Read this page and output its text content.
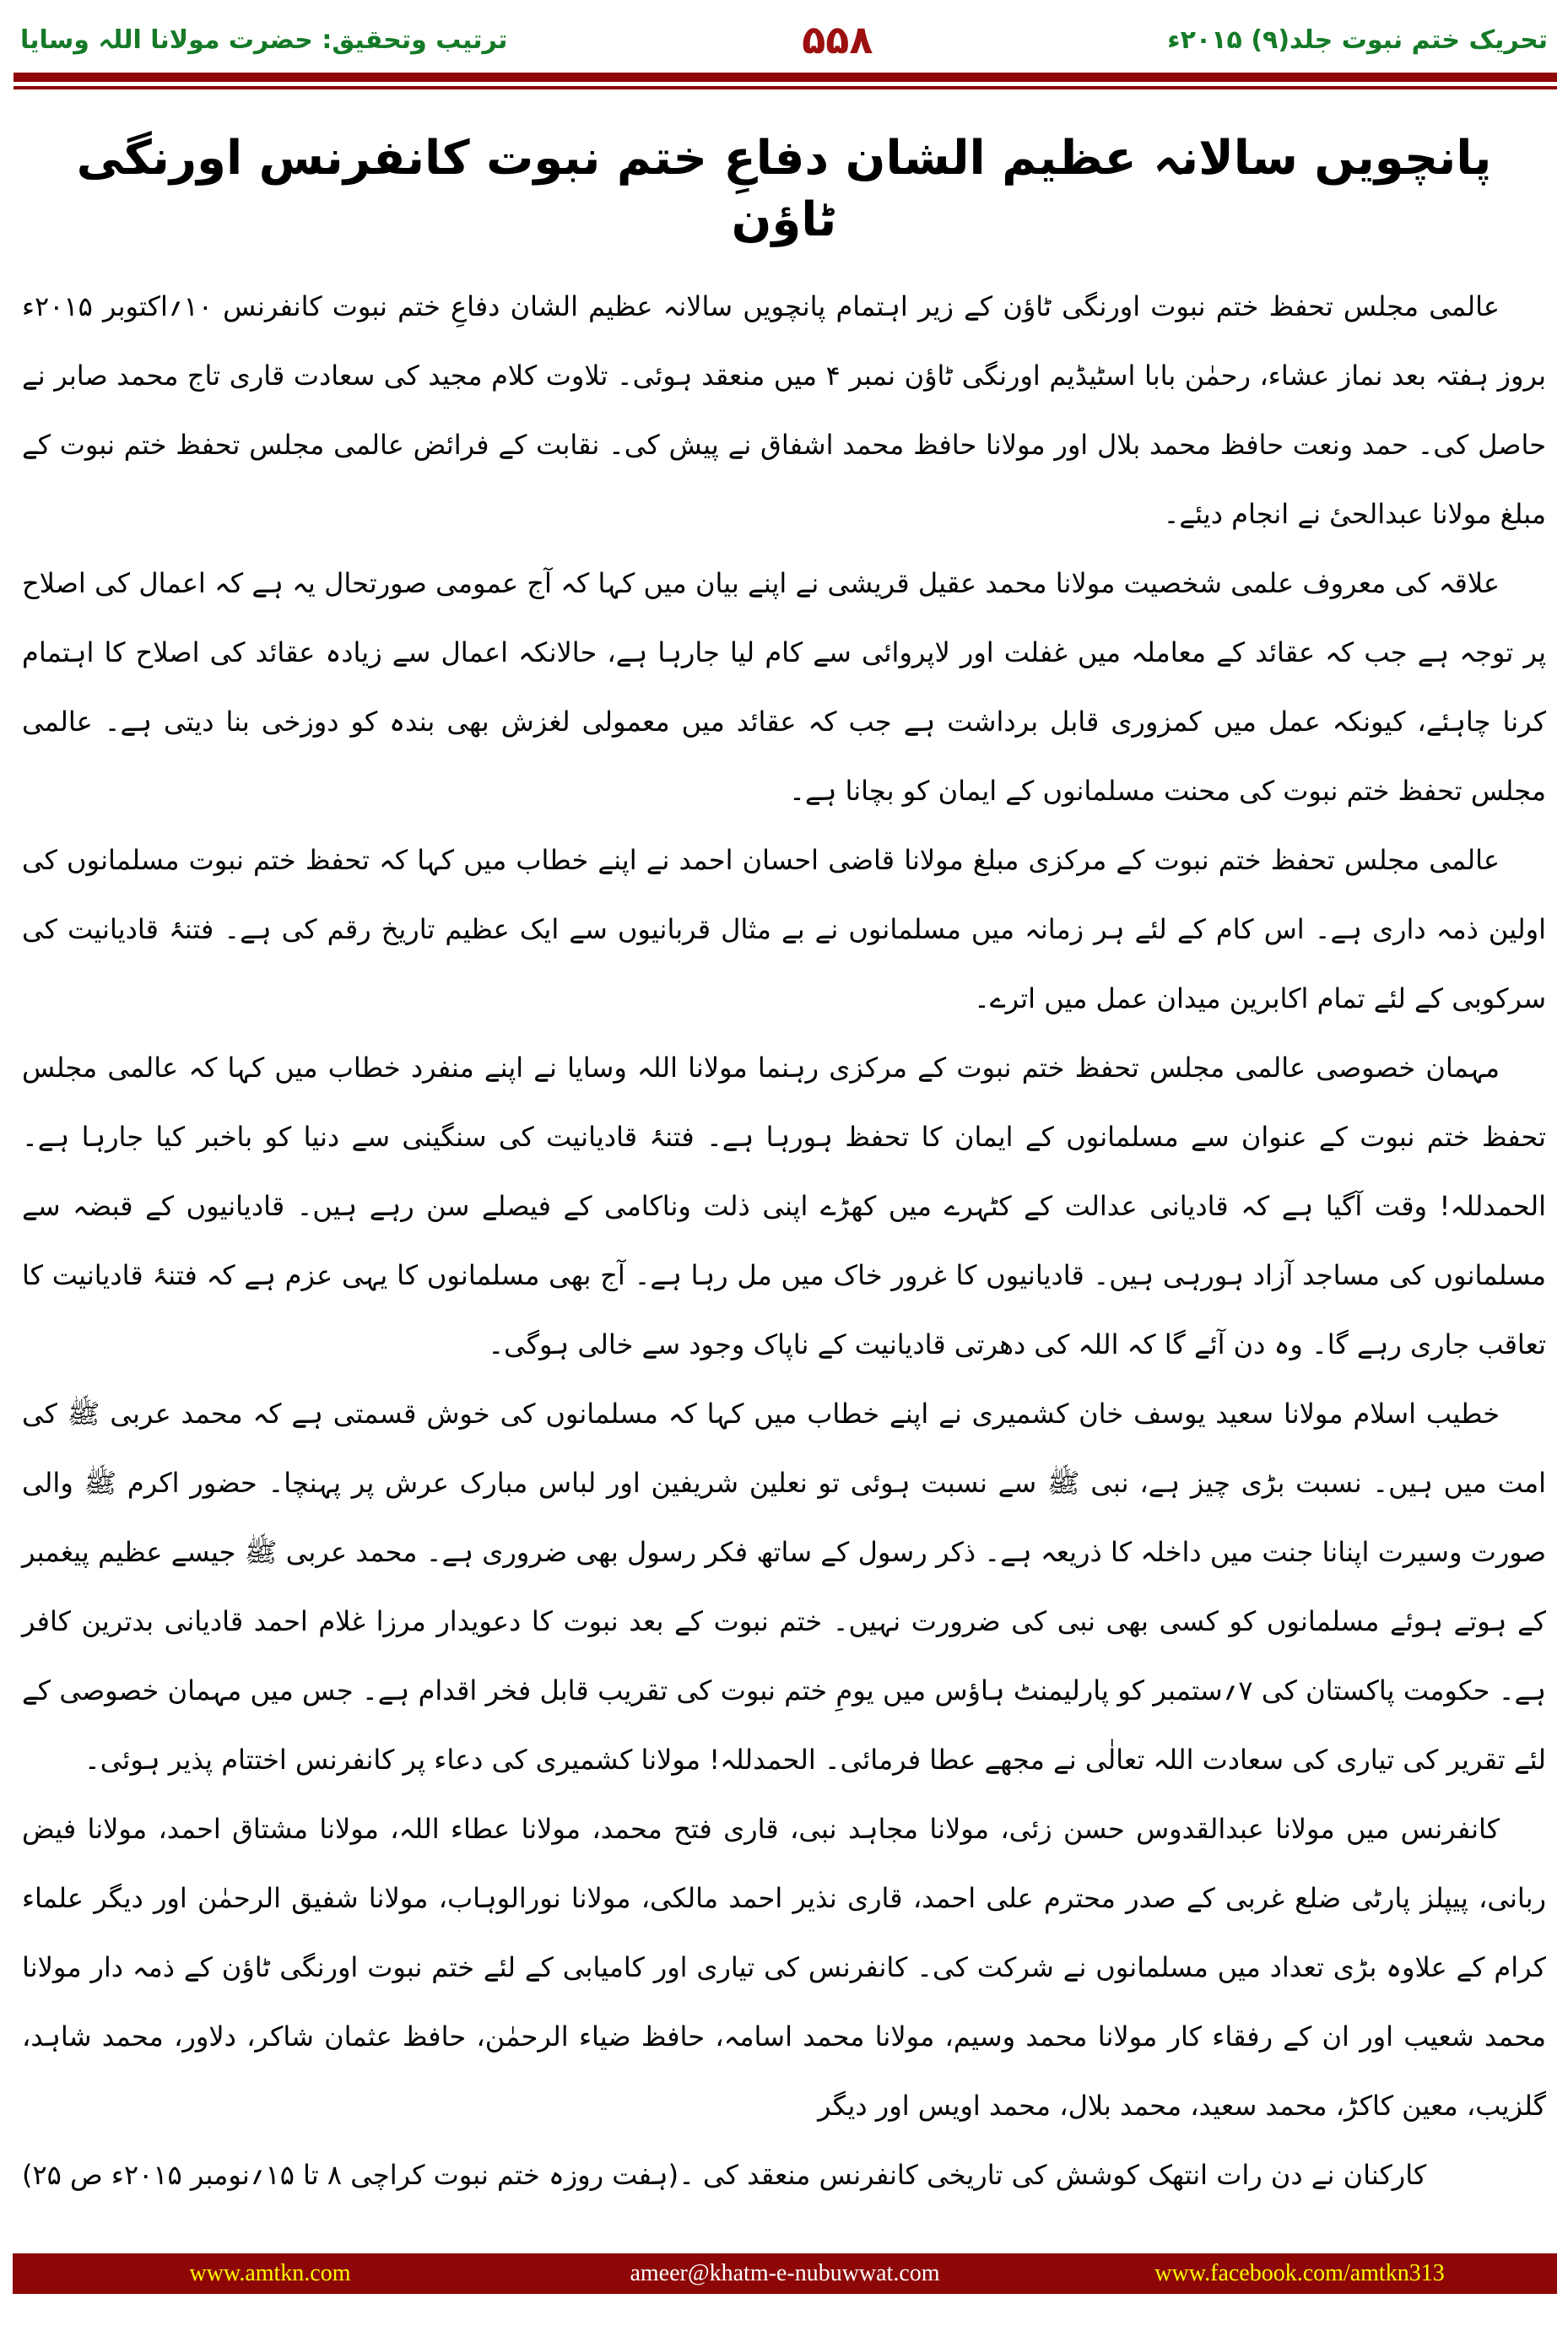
ترتیب وتحقیق: حضرت مولانا اللہ وسایا	۵۵۸	تحریک ختم نبوت جلد(۹) ۲۰۱۵ء
پانچویں سالانہ عظیم الشان دفاعِ ختم نبوت کانفرنس اورنگی ٹاؤن

عالمی مجلس تحفظ ختم نبوت اورنگی ٹاؤن کے زیر اہتمام پانچویں سالانہ عظیم الشان دفاعِ ختم نبوت کانفرنس ۱۰؍اکتوبر ۲۰۱۵ء بروز ہفتہ بعد نماز عشاء، رحمٰن بابا اسٹیڈیم اورنگی ٹاؤن نمبر ۴ میں منعقد ہوئی۔ تلاوت کلام مجید کی سعادت قاری تاج محمد صابر نے حاصل کی۔ حمد ونعت حافظ محمد بلال اور مولانا حافظ محمد اشفاق نے پیش کی۔ نقابت کے فرائض عالمی مجلس تحفظ ختم نبوت کے مبلغ مولانا عبدالحیٔ نے انجام دیئے۔

علاقہ کی معروف علمی شخصیت مولانا محمد عقیل قریشی نے اپنے بیان میں کہا کہ آج عمومی صورتحال یہ ہے کہ اعمال کی اصلاح پر توجہ ہے جب کہ عقائد کے معاملہ میں غفلت اور لاپروائی سے کام لیا جارہا ہے، حالانکہ اعمال سے زیادہ عقائد کی اصلاح کا اہتمام کرنا چاہئے، کیونکہ عمل میں کمزوری قابل برداشت ہے جب کہ عقائد میں معمولی لغزش بھی بندہ کو دوزخی بنا دیتی ہے۔ عالمی مجلس تحفظ ختم نبوت کی محنت مسلمانوں کے ایمان کو بچانا ہے۔

عالمی مجلس تحفظ ختم نبوت کے مرکزی مبلغ مولانا قاضی احسان احمد نے اپنے خطاب میں کہا کہ تحفظ ختم نبوت مسلمانوں کی اولین ذمہ داری ہے۔ اس کام کے لئے ہر زمانہ میں مسلمانوں نے بے مثال قربانیوں سے ایک عظیم تاریخ رقم کی ہے۔ فتنۂ قادیانیت کی سرکوبی کے لئے تمام اکابرین میدان عمل میں اترے۔

مہمان خصوصی عالمی مجلس تحفظ ختم نبوت کے مرکزی رہنما مولانا اللہ وسایا نے اپنے منفرد خطاب میں کہا کہ عالمی مجلس تحفظ ختم نبوت کے عنوان سے مسلمانوں کے ایمان کا تحفظ ہورہا ہے۔ فتنۂ قادیانیت کی سنگینی سے دنیا کو باخبر کیا جارہا ہے۔ الحمدللہ! وقت آگیا ہے کہ قادیانی عدالت کے کٹہرے میں کھڑے اپنی ذلت وناکامی کے فیصلے سن رہے ہیں۔ قادیانیوں کے قبضہ سے مسلمانوں کی مساجد آزاد ہورہی ہیں۔ قادیانیوں کا غرور خاک میں مل رہا ہے۔ آج بھی مسلمانوں کا یہی عزم ہے کہ فتنۂ قادیانیت کا تعاقب جاری رہے گا۔ وہ دن آئے گا کہ اللہ کی دھرتی قادیانیت کے ناپاک وجود سے خالی ہوگی۔

خطیب اسلام مولانا سعید یوسف خان کشمیری نے اپنے خطاب میں کہا کہ مسلمانوں کی خوش قسمتی ہے کہ محمد عربی ﷺ کی امت میں ہیں۔ نسبت بڑی چیز ہے، نبی ﷺ سے نسبت ہوئی تو نعلین شریفین اور لباس مبارک عرش پر پہنچا۔ حضور اکرم ﷺ والی صورت وسیرت اپنانا جنت میں داخلہ کا ذریعہ ہے۔ ذکر رسول کے ساتھ فکر رسول بھی ضروری ہے۔ محمد عربی ﷺ جیسے عظیم پیغمبر کے ہوتے ہوئے مسلمانوں کو کسی بھی نبی کی ضرورت نہیں۔ ختم نبوت کے بعد نبوت کا دعویدار مرزا غلام احمد قادیانی بدترین کافر ہے۔ حکومت پاکستان کی ۷؍ستمبر کو پارلیمنٹ ہاؤس میں یومِ ختم نبوت کی تقریب قابل فخر اقدام ہے۔ جس میں مہمان خصوصی کے لئے تقریر کی تیاری کی سعادت اللہ تعالٰی نے مجھے عطا فرمائی۔ الحمدللہ! مولانا کشمیری کی دعاء پر کانفرنس اختتام پذیر ہوئی۔

کانفرنس میں مولانا عبدالقدوس حسن زئی، مولانا مجاہد نبی، قاری فتح محمد، مولانا عطاء اللہ، مولانا مشتاق احمد، مولانا فیض ربانی، پیپلز پارٹی ضلع غربی کے صدر محترم علی احمد، قاری نذیر احمد مالکی، مولانا نورالوہاب، مولانا شفیق الرحمٰن اور دیگر علماء کرام کے علاوہ بڑی تعداد میں مسلمانوں نے شرکت کی۔ کانفرنس کی تیاری اور کامیابی کے لئے ختم نبوت اورنگی ٹاؤن کے ذمہ دار مولانا محمد شعیب اور ان کے رفقاء کار مولانا محمد وسیم، مولانا محمد اسامہ، حافظ ضیاء الرحمٰن، حافظ عثمان شاکر، دلاور، محمد شاہد، گلزیب، معین کاکڑ، محمد سعید، محمد بلال، محمد اویس اور دیگر

(ہفت روزہ ختم نبوت کراچی ۸ تا ۱۵؍نومبر ۲۰۱۵ء ص ۲۵) کارکنان نے دن رات انتھک کوشش کی تاریخی کانفرنس منعقد کی ۔
www.amtkn.com	ameer@khatm-e-nubuwwat.com	www.facebook.com/amtkn313
